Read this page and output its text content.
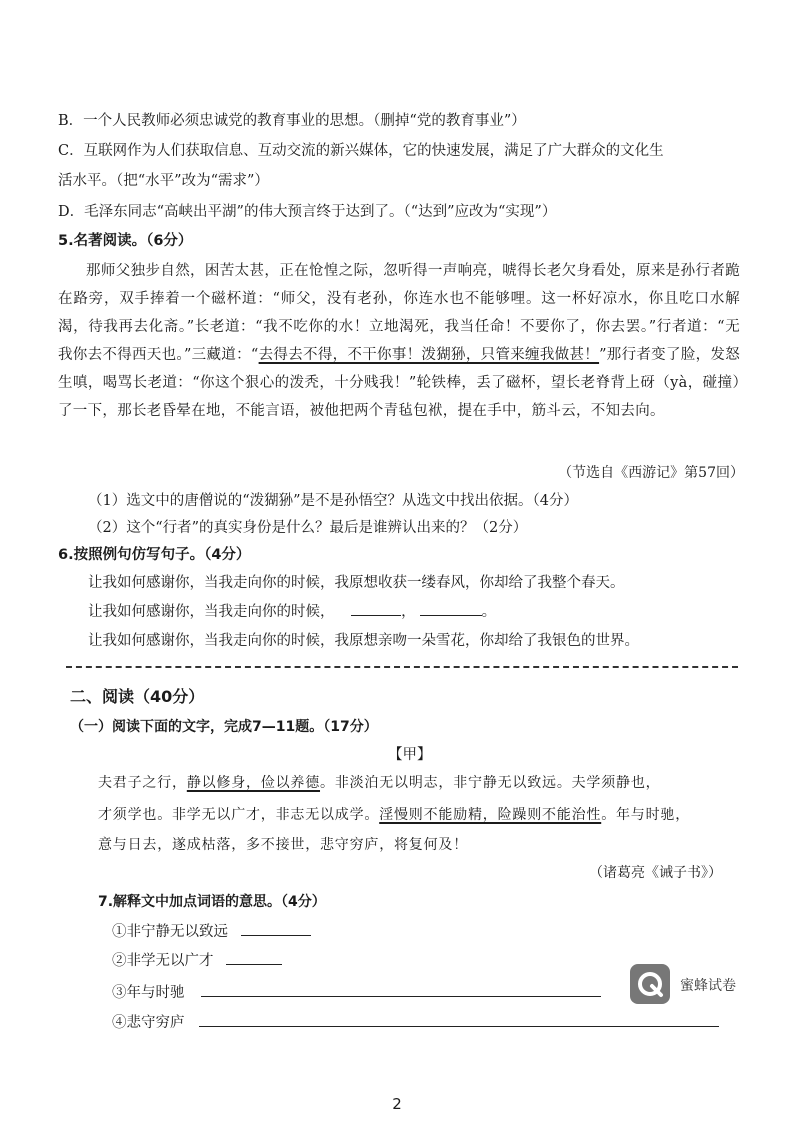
B．一个人民教师必须忠诚党的教育事业的思想。（删掉“党的教育事业”）
C．互联网作为人们获取信息、互动交流的新兴媒体，它的快速发展，满足了广大群众的文化生
活水平。（把“水平”改为“需求”）
D．毛泽东同志“高峡出平湖”的伟大预言终于达到了。（“达到”应改为“实现”）
5.名著阅读。（6分）
那师父独步自然，困苦太甚，正在怆惶之际，忽听得一声响亮，唬得长老欠身看处，原来是孙行者跪在路旁，双手捧着一个磁杯道：“师父，没有老孙，你连水也不能够哩。这一杯好凉水，你且吃口水解渴，待我再去化斋。”长老道：“我不吃你的水！立地渴死，我当任命！不要你了，你去罢。”行者道：“无我你去不得西天也。”三藏道：“去得去不得，不干你事！泼猢狲，只管来缠我做甚！”那行者变了脸，发怒生嗔，喝骂长老道：“你这个狠心的泼秃，十分贱我！”轮铁棒，丢了磁杯，望长老脊背上砑（yà，碰撞）了一下，那长老昏晕在地，不能言语，被他把两个青毡包袱，提在手中，筋斗云，不知去向。
（节选自《西游记》第57回）
（1）选文中的唐僧说的“泼猢狲”是不是孙悟空？从选文中找出依据。（4分）
（2）这个“行者”的真实身份是什么？最后是谁辨认出来的？（2分）
6.按照例句仿写句子。（4分）
让我如何感谢你，当我走向你的时候，我原想收获一缕春风，你却给了我整个春天。
让我如何感谢你，当我走向你的时候，	，	。
让我如何感谢你，当我走向你的时候，我原想亲吻一朵雪花，你却给了我银色的世界。
二、阅读（40分）
（一）阅读下面的文字，完成7—11题。（17分）
【甲】
夫君子之行，静以修身，俭以养德。非淡泊无以明志，非宁静无以致远。夫学须静也，
才须学也。非学无以广才，非志无以成学。淫慢则不能励精，险躁则不能治性。年与时驰，
意与日去，遂成枯落，多不接世，悲守穷庐，将复何及！
（诸葛亮《诫子书》）
7.解释文中加点词语的意思。（4分）
①非宁静无以致远
②非学无以广才
③年与时驰
④悲守穷庐
蜜蜂试卷
2
